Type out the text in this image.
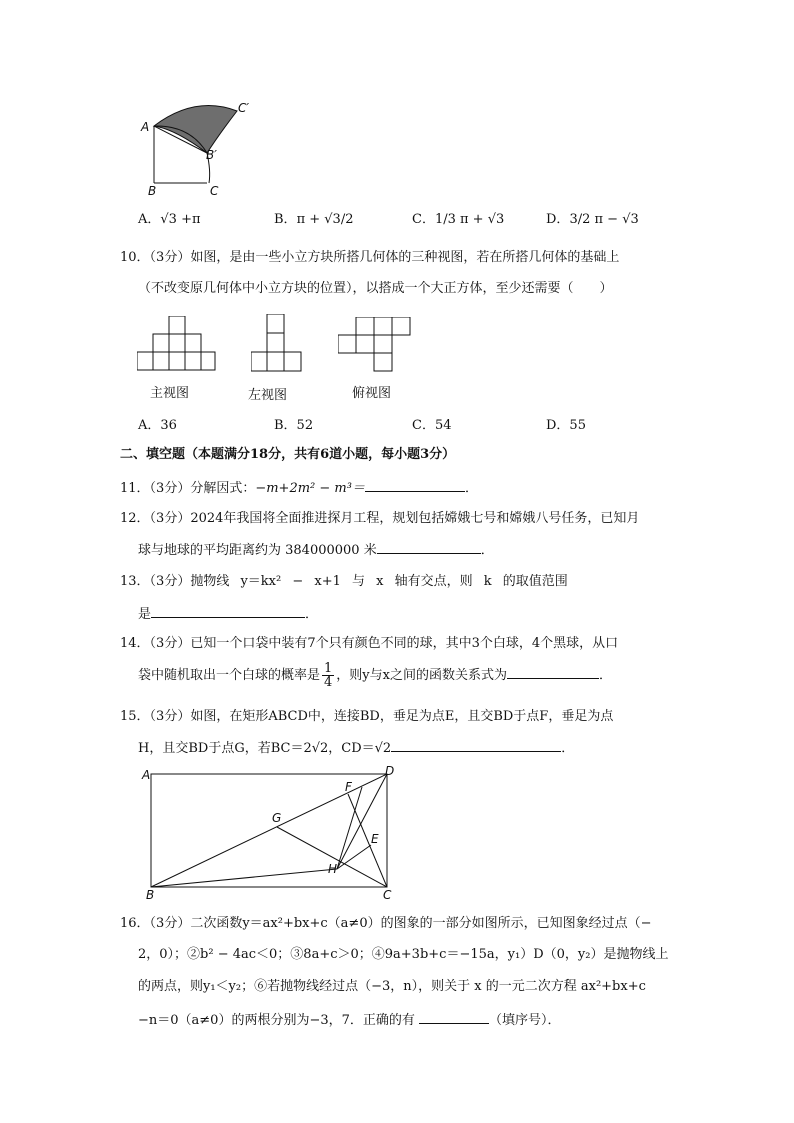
A
C′
B′
B	C
A．√3 +π	B．π + √3/2	C．1/3 π + √3	D．3/2 π − √3
10．（3分）如图，是由一些小立方块所搭几何体的三种视图，若在所搭几何体的基础上
（不改变原几何体中小立方块的位置），以搭成一个大正方体，至少还需要（　　）
主视图	左视图	俯视图
A．36	B．52	C．54	D．55
二、填空题（本题满分18分，共有6道小题，每小题3分）
11．（3分）分解因式：−m+2m² − m³＝	．
12．（3分）2024年我国将全面推进探月工程，规划包括嫦娥七号和嫦娥八号任务，已知月
球与地球的平均距离约为 384000000 米	．
13．（3分）抛物线 y＝kx² − x+1 与 x 轴有交点，则 k 的取值范围
是	．
14．（3分）已知一个口袋中装有7个只有颜色不同的球，其中3个白球，4个黑球，从口
袋中随机取出一个白球的概率是 $\frac{1}{4}$ ，则y与x之间的函数关系式为	．
15．（3分）如图，在矩形ABCD中，连接BD，垂足为点E，且交BD于点F，垂足为点
H，且交BD于点G，若BC＝2√2，CD＝√2	．
A	D
F
G
E
H
B	C
16．（3分）二次函数y＝ax²+bx+c（a≠0）的图象的一部分如图所示，已知图象经过点（−
2，0）；②b² − 4ac＜0；③8a+c＞0；④9a+3b+c＝−15a，y₁）D（0，y₂）是抛物线上
的两点，则y₁＜y₂；⑥若抛物线经过点（−3，n），则关于 x 的一元二次方程 ax²+bx+c
−n＝0（a≠0）的两根分别为−3，7．正确的有	（填序号）．
